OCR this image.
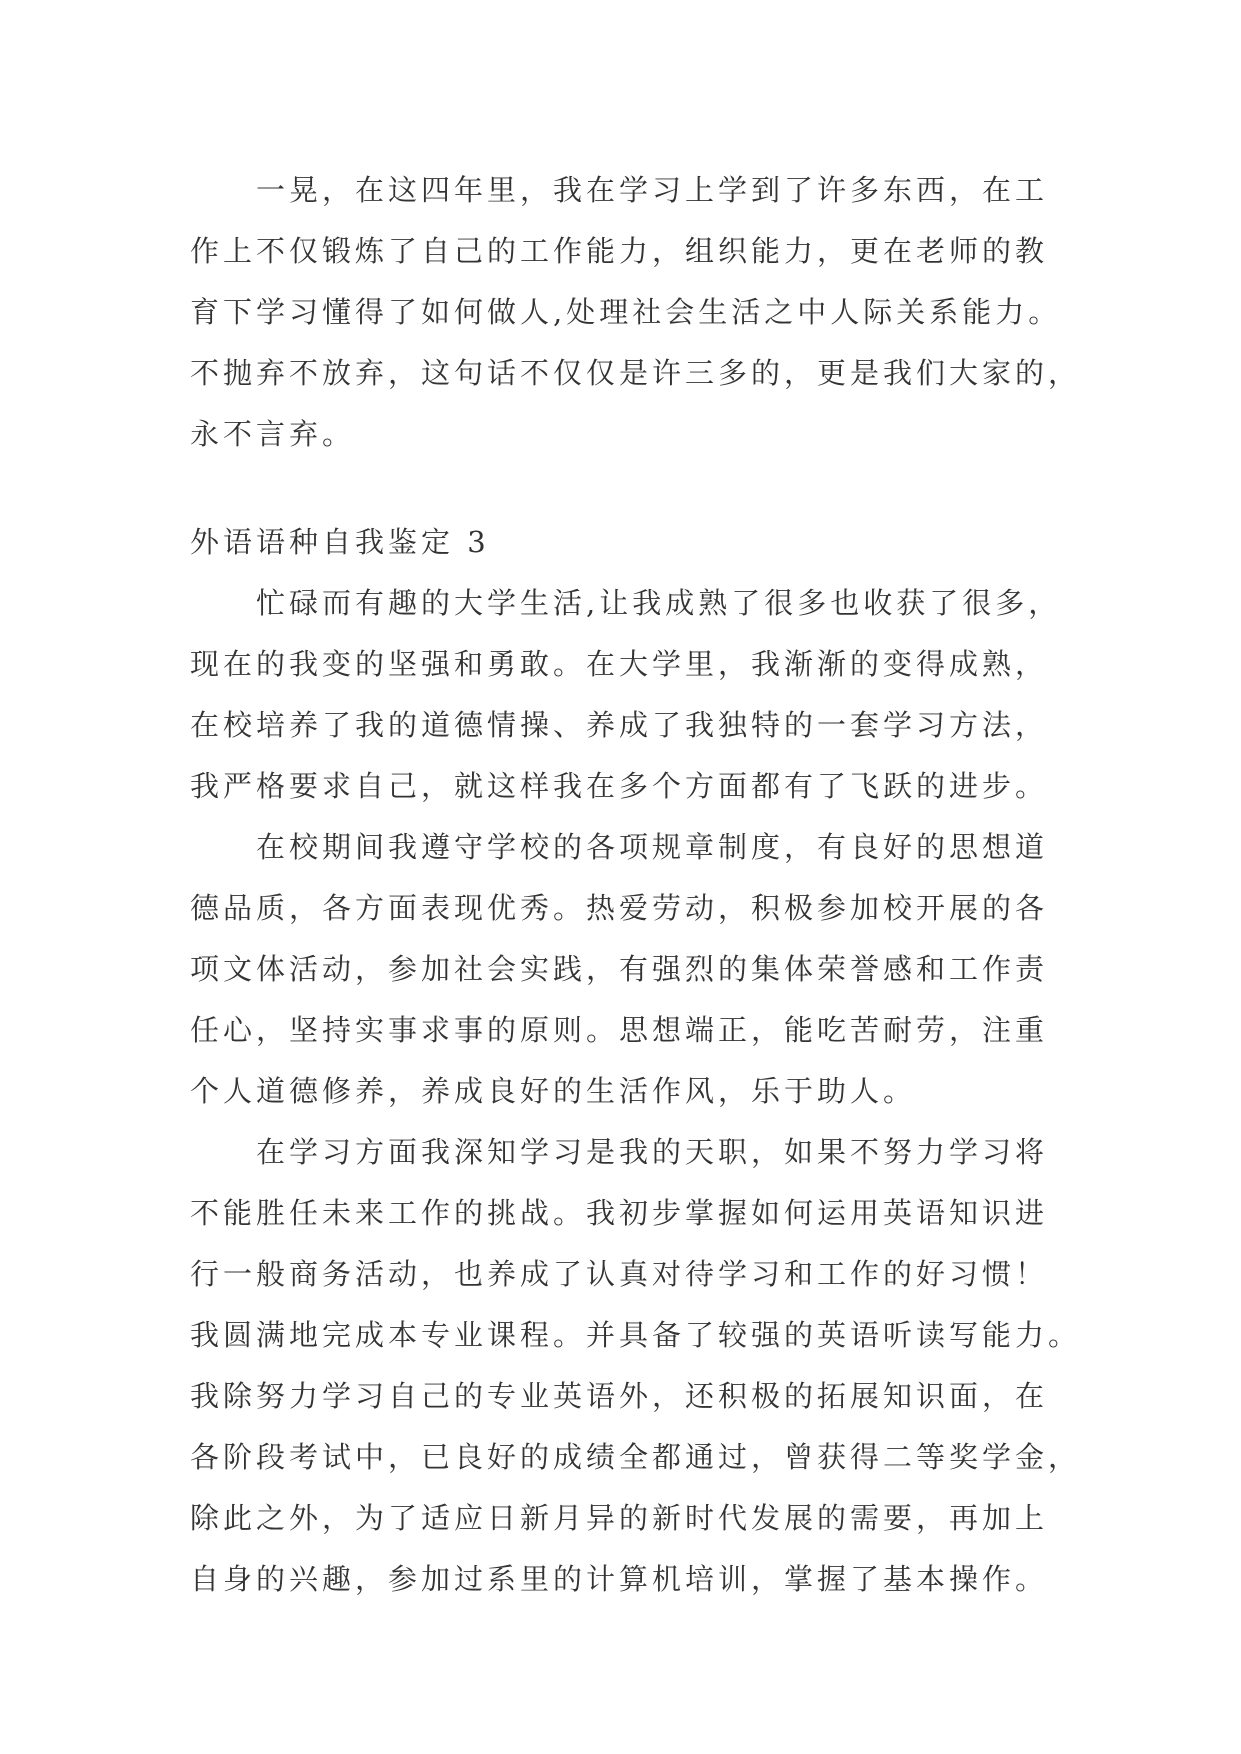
一晃，在这四年里，我在学习上学到了许多东西，在工
作上不仅锻炼了自己的工作能力，组织能力，更在老师的教
育下学习懂得了如何做人,处理社会生活之中人际关系能力。
不抛弃不放弃，这句话不仅仅是许三多的，更是我们大家的，
永不言弃。
外语语种自我鉴定 3
忙碌而有趣的大学生活,让我成熟了很多也收获了很多，
现在的我变的坚强和勇敢。在大学里，我渐渐的变得成熟，
在校培养了我的道德情操、养成了我独特的一套学习方法，
我严格要求自己，就这样我在多个方面都有了飞跃的进步。
在校期间我遵守学校的各项规章制度，有良好的思想道
德品质，各方面表现优秀。热爱劳动，积极参加校开展的各
项文体活动，参加社会实践，有强烈的集体荣誉感和工作责
任心，坚持实事求事的原则。思想端正，能吃苦耐劳，注重
个人道德修养，养成良好的生活作风，乐于助人。
在学习方面我深知学习是我的天职，如果不努力学习将
不能胜任未来工作的挑战。我初步掌握如何运用英语知识进
行一般商务活动，也养成了认真对待学习和工作的好习惯！
我圆满地完成本专业课程。并具备了较强的英语听读写能力。
我除努力学习自己的专业英语外，还积极的拓展知识面，在
各阶段考试中，已良好的成绩全都通过，曾获得二等奖学金，
除此之外，为了适应日新月异的新时代发展的需要，再加上
自身的兴趣，参加过系里的计算机培训，掌握了基本操作。
